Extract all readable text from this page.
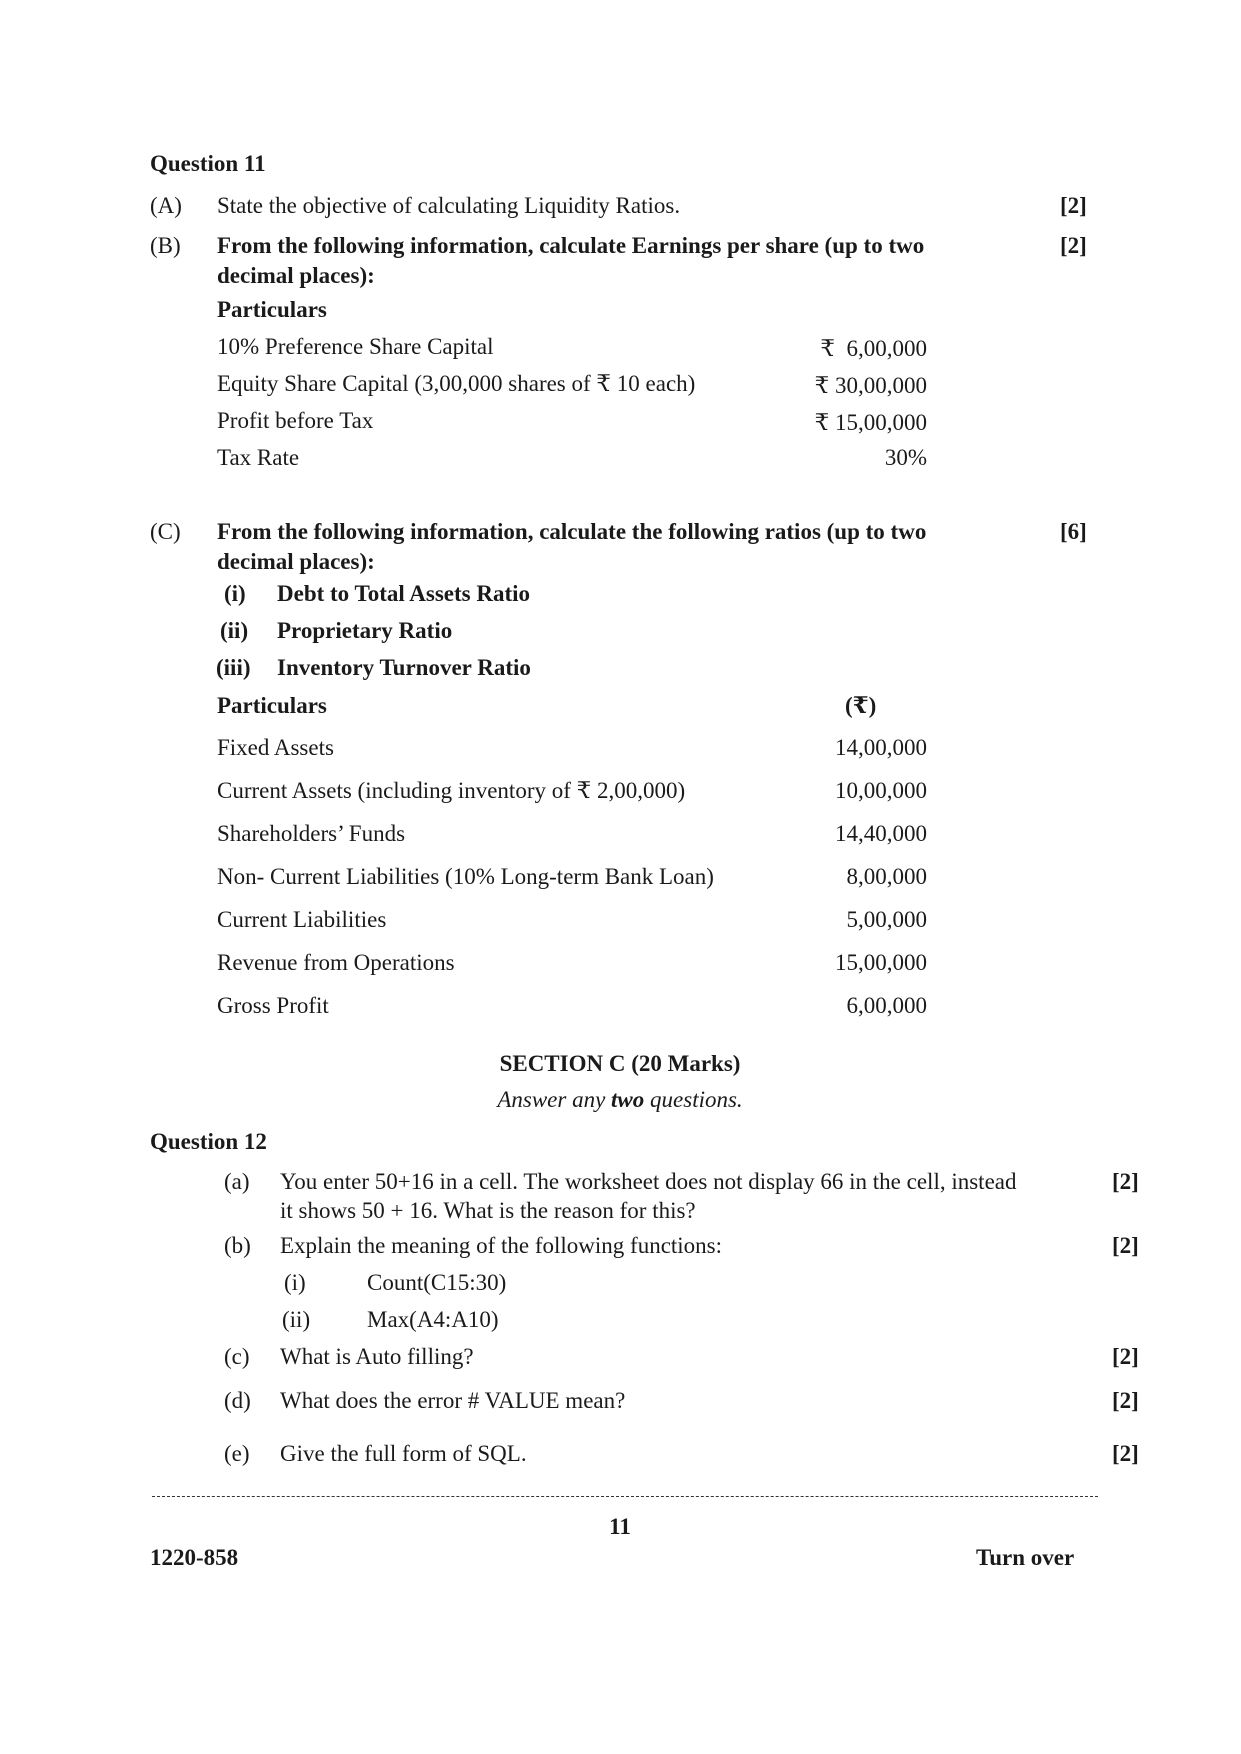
Question 11
(A) State the objective of calculating Liquidity Ratios.	[2]
(B) From the following information, calculate Earnings per share (up to two
decimal places):
[2]
Particulars
10% Preference Share Capital	₹  6,00,000
Equity Share Capital (3,00,000 shares of ₹ 10 each)	₹ 30,00,000
Profit before Tax	₹ 15,00,000
Tax Rate	30%
(C) From the following information, calculate the following ratios (up to two
decimal places):
[6]
(i) Debt to Total Assets Ratio
(ii) Proprietary Ratio
(iii) Inventory Turnover Ratio
Particulars	(₹)
Fixed Assets	14,00,000
Current Assets (including inventory of ₹ 2,00,000)	10,00,000
Shareholders’ Funds	14,40,000
Non- Current Liabilities (10% Long-term Bank Loan)	8,00,000
Current Liabilities	5,00,000
Revenue from Operations	15,00,000
Gross Profit	6,00,000
SECTION C (20 Marks)
Answer any two questions.
Question 12
(a) You enter 50+16 in a cell. The worksheet does not display 66 in the cell, instead
it shows 50 + 16. What is the reason for this?
[2]
(b) Explain the meaning of the following functions:	[2]
(i)	Count(C15:30)
(ii) Max(A4:A10)
(c) What is Auto filling?	[2]
(d) What does the error # VALUE mean?	[2]
(e) Give the full form of SQL.	[2]
11
1220-858	Turn over
